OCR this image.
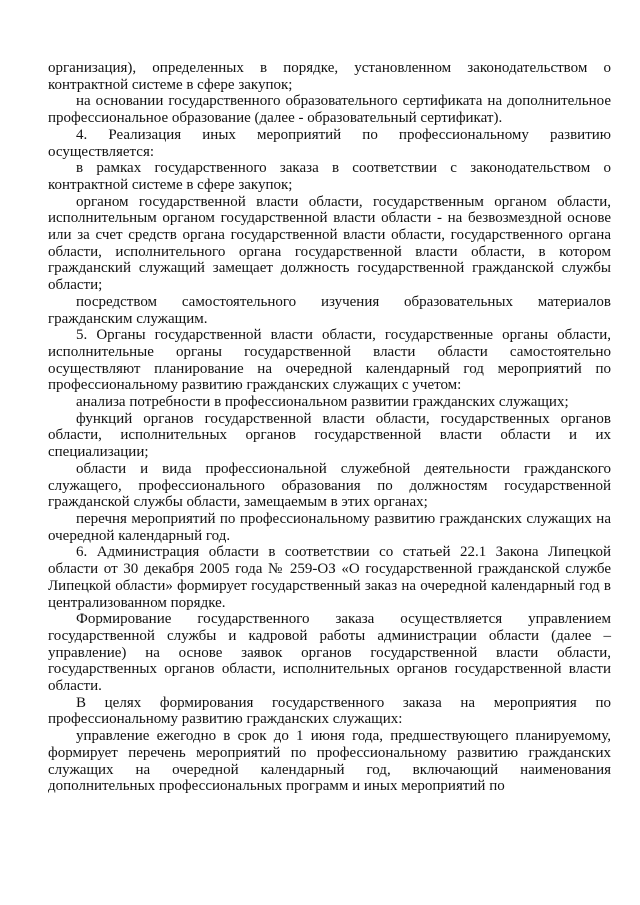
организация), определенных в порядке, установленном законодательством о контрактной системе в сфере закупок;

на основании государственного образовательного сертификата на дополнительное профессиональное образование (далее - образовательный сертификат).

4. Реализация иных мероприятий по профессиональному развитию осуществляется:

в рамках государственного заказа в соответствии с законодательством о контрактной системе в сфере закупок;

органом государственной власти области, государственным органом области, исполнительным органом государственной власти области - на безвозмездной основе или за счет средств органа государственной власти области, государственного органа области, исполнительного органа государственной власти области, в котором гражданский служащий замещает должность государственной гражданской службы области;

посредством самостоятельного изучения образовательных материалов гражданским служащим.

5. Органы государственной власти области, государственные органы области, исполнительные органы государственной власти области самостоятельно осуществляют планирование на очередной календарный год мероприятий по профессиональному развитию гражданских служащих с учетом:

анализа потребности в профессиональном развитии гражданских служащих;

функций органов государственной власти области, государственных органов области, исполнительных органов государственной власти области и их специализации;

области и вида профессиональной служебной деятельности гражданского служащего, профессионального образования по должностям государственной гражданской службы области, замещаемым в этих органах;

перечня мероприятий по профессиональному развитию гражданских служащих на очередной календарный год.

6. Администрация области в соответствии со статьей 22.1 Закона Липецкой области от 30 декабря 2005 года № 259-ОЗ «О государственной гражданской службе Липецкой области» формирует государственный заказ на очередной календарный год в централизованном порядке.

Формирование государственного заказа осуществляется управлением государственной службы и кадровой работы администрации области (далее – управление) на основе заявок органов государственной власти области, государственных органов области, исполнительных органов государственной власти области.

В целях формирования государственного заказа на мероприятия по профессиональному развитию гражданских служащих:

управление ежегодно в срок до 1 июня года, предшествующего планируемому, формирует перечень мероприятий по профессиональному развитию гражданских служащих на очередной календарный год, включающий наименования дополнительных профессиональных программ и иных мероприятий по
